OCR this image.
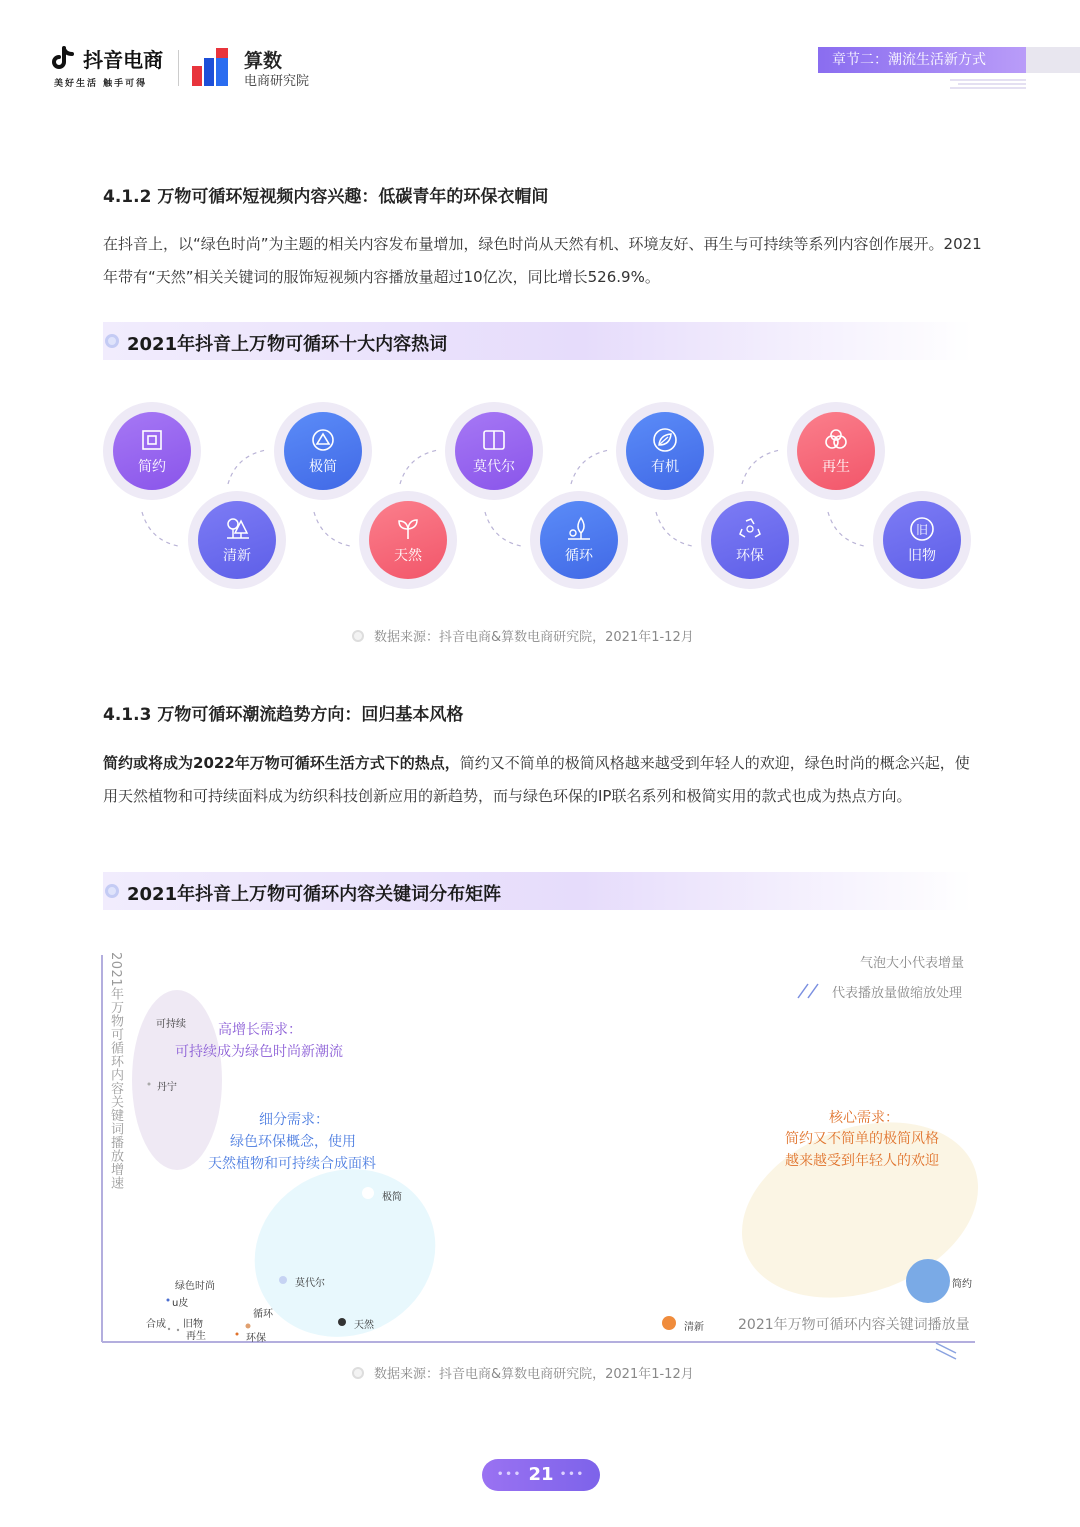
抖音电商
美好生活 触手可得
算数
电商研究院
章节二：潮流生活新方式
4.1.2 万物可循环短视频内容兴趣：低碳青年的环保衣帽间
在抖音上，以“绿色时尚”为主题的相关内容发布量增加，绿色时尚从天然有机、环境友好、再生与可持续等系列内容创作展开。2021年带有“天然”相关关键词的服饰短视频内容播放量超过10亿次，同比增长526.9%。
2021年抖音上万物可循环十大内容热词
简约	极简	莫代尔	有机	再生
清新	天然	循环	环保
旧
旧物
数据来源：抖音电商&算数电商研究院，2021年1-12月
4.1.3 万物可循环潮流趋势方向：回归基本风格
简约或将成为2022年万物可循环生活方式下的热点，简约又不简单的极简风格越来越受到年轻人的欢迎，绿色时尚的概念兴起，使用天然植物和可持续面料成为纺织科技创新应用的新趋势，而与绿色环保的IP联名系列和极简实用的款式也成为热点方向。
2021年抖音上万物可循环内容关键词分布矩阵
2021年万物可循环内容关键词播放增速
2021年万物可循环内容关键词播放量
气泡大小代表增量
代表播放量做缩放处理
高增长需求：
可持续成为绿色时尚新潮流
细分需求：
绿色环保概念，使用
天然植物和可持续合成面料
核心需求：
简约又不简单的极简风格
越来越受到年轻人的欢迎
可持续
丹宁
极简
莫代尔
绿色时尚
u皮
合成 旧物
再生
循环
环保
天然	清新
简约
数据来源：抖音电商&算数电商研究院，2021年1-12月
••• 21 •••
